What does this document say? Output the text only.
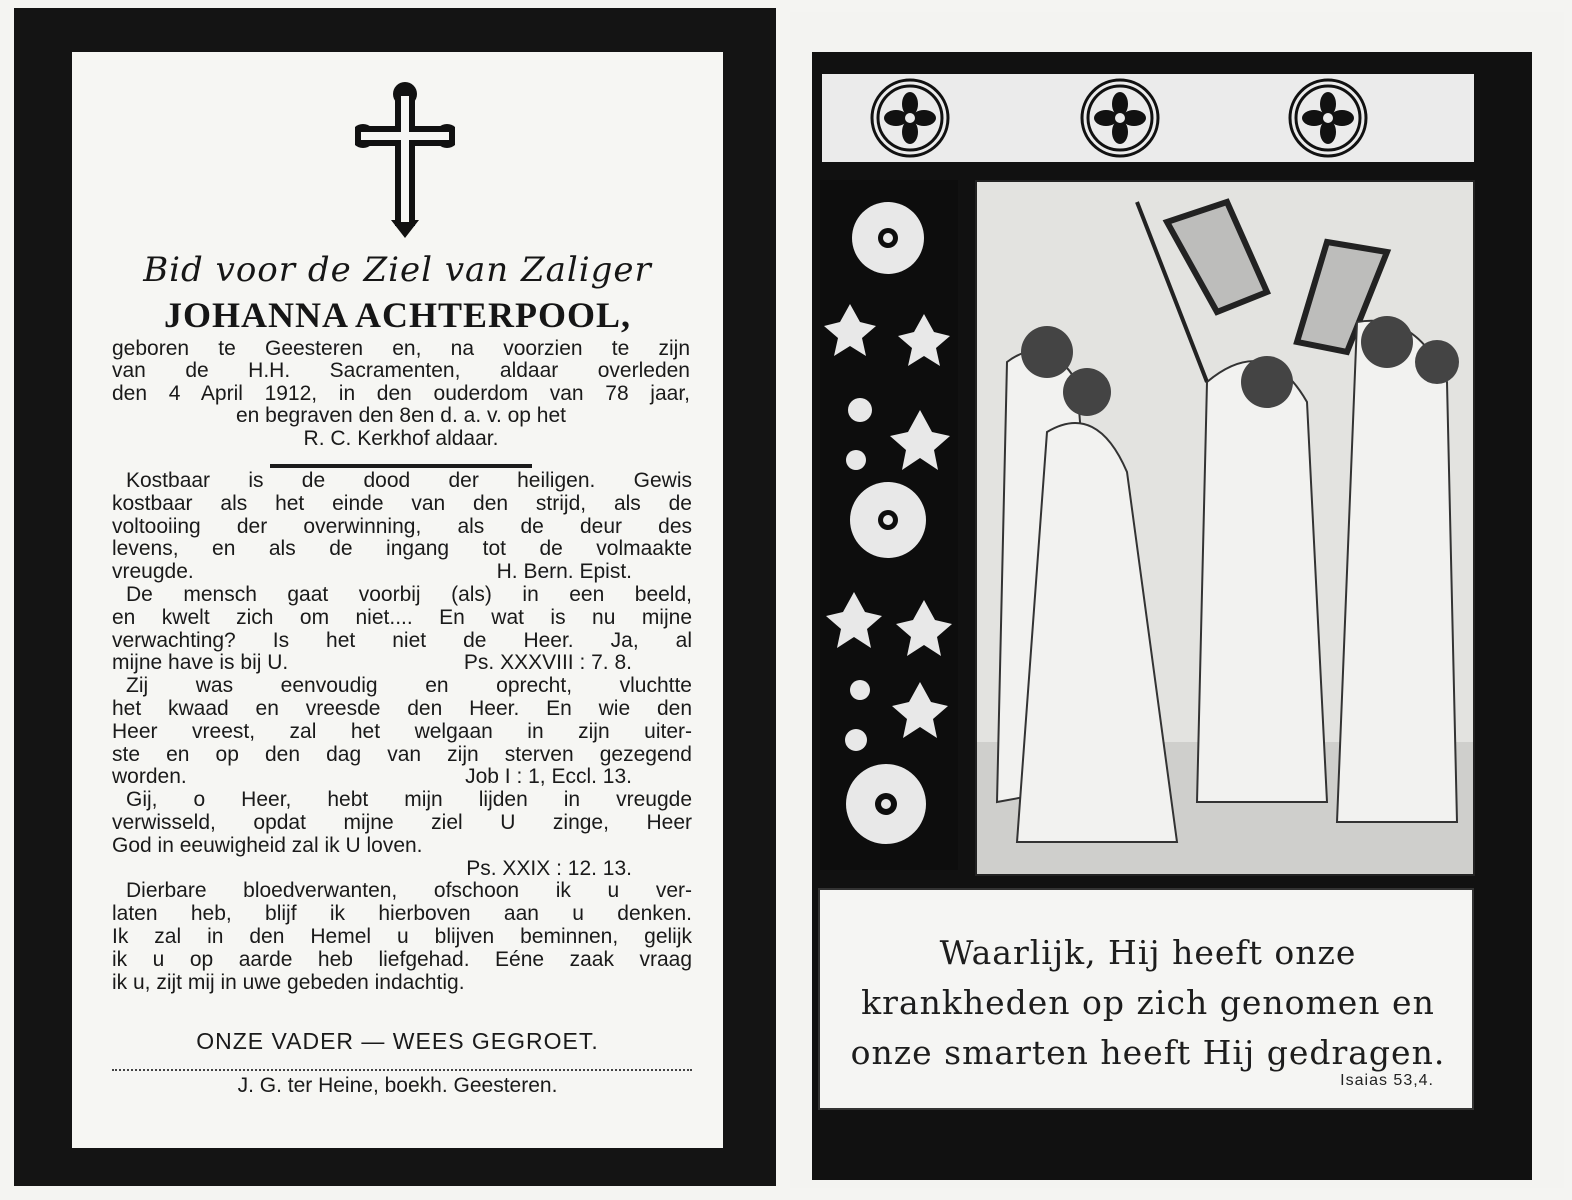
Bid voor de Ziel van Zaliger
JOHANNA ACHTERPOOL,
geboren te Geesteren en, na voorzien te zijn
van de H.H. Sacramenten, aldaar overleden
den 4 April 1912, in den ouderdom van 78 jaar,
en begraven den 8en d. a. v. op het
R. C. Kerkhof aldaar.
Kostbaar is de dood der heiligen. Gewis
kostbaar als het einde van den strijd, als de
voltooiing der overwinning, als de deur des
levens, en als de ingang tot de volmaakte
vreugde.	H. Bern. Epist.
De mensch gaat voorbij (als) in een beeld,
en kwelt zich om niet.... En wat is nu mijne
verwachting? Is het niet de Heer. Ja, al
mijne have is bij U.	Ps. XXXVIII : 7. 8.
Zij was eenvoudig en oprecht, vluchtte
het kwaad en vreesde den Heer. En wie den
Heer vreest, zal het welgaan in zijn uiter-
ste en op den dag van zijn sterven gezegend
worden.	Job I : 1, Eccl. 13.
Gij, o Heer, hebt mijn lijden in vreugde
verwisseld, opdat mijne ziel U zinge, Heer
God in eeuwigheid zal ik U loven.
Ps. XXIX : 12. 13.
Dierbare bloedverwanten, ofschoon ik u ver-
laten heb, blijf ik hierboven aan u denken.
Ik zal in den Hemel u blijven beminnen, gelijk
ik u op aarde heb liefgehad. Eéne zaak vraag
ik u, zijt mij in uwe gebeden indachtig.
ONZE VADER — WEES GEGROET.
J. G. ter Heine, boekh. Geesteren.
Waarlijk, Hij heeft onze
krankheden op zich genomen en
onze smarten heeft Hij gedragen.
Isaias 53,4.
